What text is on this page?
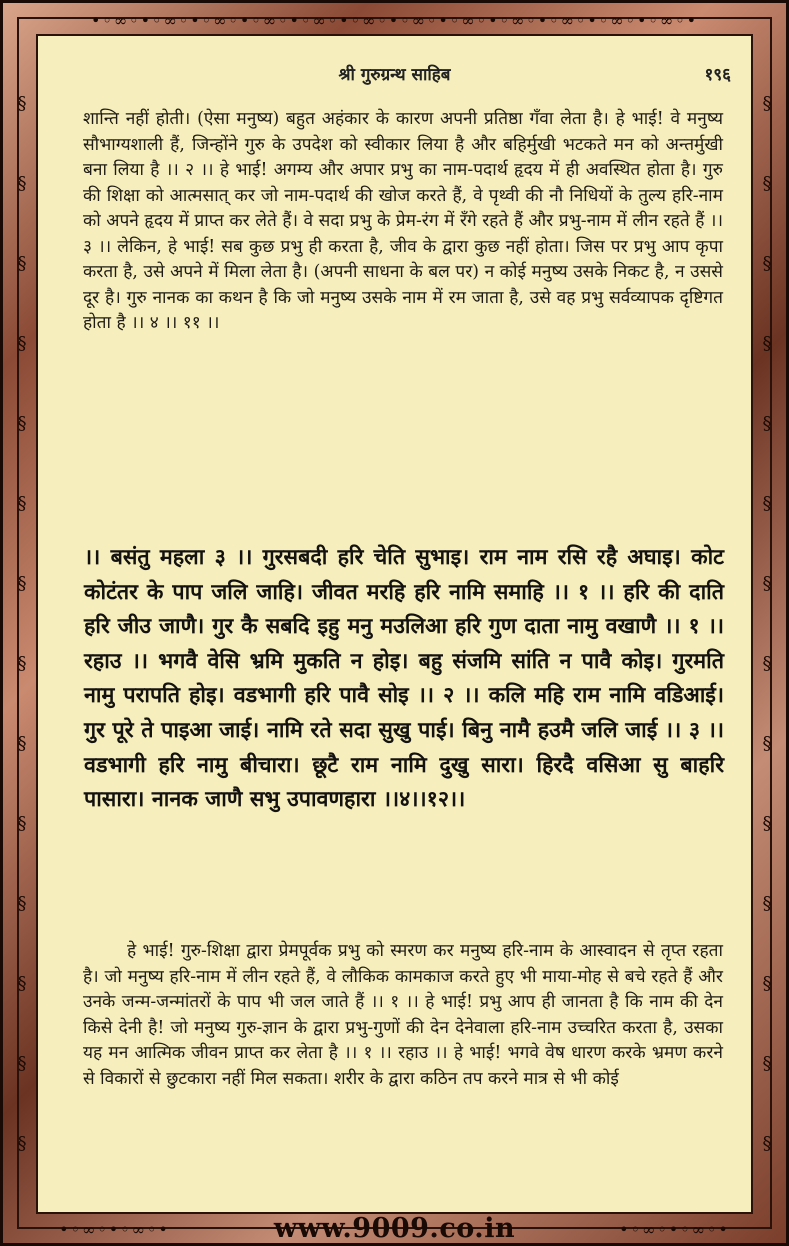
•◦∞◦•◦∞◦•◦∞◦•◦∞◦•◦∞◦•◦∞◦•◦∞◦•◦∞◦•◦∞◦•◦∞◦•◦∞◦•◦∞◦•
§
§
§
§
§
§
§
§
§
§
§
§
§
§
§
§
§
§
§
§
§
§
§
§
§
§
§
§
श्री गुरुग्रन्थ साहिब	१९६

शान्ति नहीं होती। (ऐसा मनुष्य) बहुत अहंकार के कारण अपनी प्रतिष्ठा गँवा लेता है। हे भाई! वे मनुष्य सौभाग्यशाली हैं, जिन्होंने गुरु के उपदेश को स्वीकार लिया है और बहिर्मुखी भटकते मन को अन्तर्मुखी बना लिया है ।। २ ।। हे भाई! अगम्य और अपार प्रभु का नाम-पदार्थ हृदय में ही अवस्थित होता है। गुरु की शिक्षा को आत्मसात् कर जो नाम-पदार्थ की खोज करते हैं, वे पृथ्वी की नौ निधियों के तुल्य हरि-नाम को अपने हृदय में प्राप्त कर लेते हैं। वे सदा प्रभु के प्रेम-रंग में रँगे रहते हैं और प्रभु-नाम में लीन रहते हैं ।। ३ ।। लेकिन, हे भाई! सब कुछ प्रभु ही करता है, जीव के द्वारा कुछ नहीं होता। जिस पर प्रभु आप कृपा करता है, उसे अपने में मिला लेता है। (अपनी साधना के बल पर) न कोई मनुष्य उसके निकट है, न उससे दूर है। गुरु नानक का कथन है कि जो मनुष्य उसके नाम में रम जाता है, उसे वह प्रभु सर्वव्यापक दृष्टिगत होता है ।। ४ ।। ११ ।।

।। बसंतु महला ३ ।। गुरसबदी हरि चेति सुभाइ। राम नाम रसि रहै अघाइ। कोट कोटंतर के पाप जलि जाहि। जीवत मरहि हरि नामि समाहि ।। १ ।। हरि की दाति हरि जीउ जाणै। गुर कै सबदि इहु मनु मउलिआ हरि गुण दाता नामु वखाणै ।। १ ।। रहाउ ।। भगवै वेसि भ्रमि मुकति न होइ। बहु संजमि सांति न पावै कोइ। गुरमति नामु परापति होइ। वडभागी हरि पावै सोइ ।। २ ।। कलि महि राम नामि वडिआई। गुर पूरे ते पाइआ जाई। नामि रते सदा सुखु पाई। बिनु नामै हउमै जलि जाई ।। ३ ।। वडभागी हरि नामु बीचारा। छूटै राम नामि दुखु सारा। हिरदै वसिआ सु बाहरि पासारा। नानक जाणै सभु उपावणहारा ।।४।।१२।।

हे भाई! गुरु-शिक्षा द्वारा प्रेमपूर्वक प्रभु को स्मरण कर मनुष्य हरि-नाम के आस्वादन से तृप्त रहता है। जो मनुष्य हरि-नाम में लीन रहते हैं, वे लौकिक कामकाज करते हुए भी माया-मोह से बचे रहते हैं और उनके जन्म-जन्मांतरों के पाप भी जल जाते हैं ।। १ ।। हे भाई! प्रभु आप ही जानता है कि नाम की देन किसे देनी है! जो मनुष्य गुरु-ज्ञान के द्वारा प्रभु-गुणों की देन देनेवाला हरि-नाम उच्चरित करता है, उसका यह मन आत्मिक जीवन प्राप्त कर लेता है ।। १ ।। रहाउ ।। हे भाई! भगवे वेष धारण करके भ्रमण करने से विकारों से छुटकारा नहीं मिल सकता। शरीर के द्वारा कठिन तप करने मात्र से भी कोई

•◦∞◦•◦∞◦•	•◦∞◦•◦∞◦•
www.9009.co.in
